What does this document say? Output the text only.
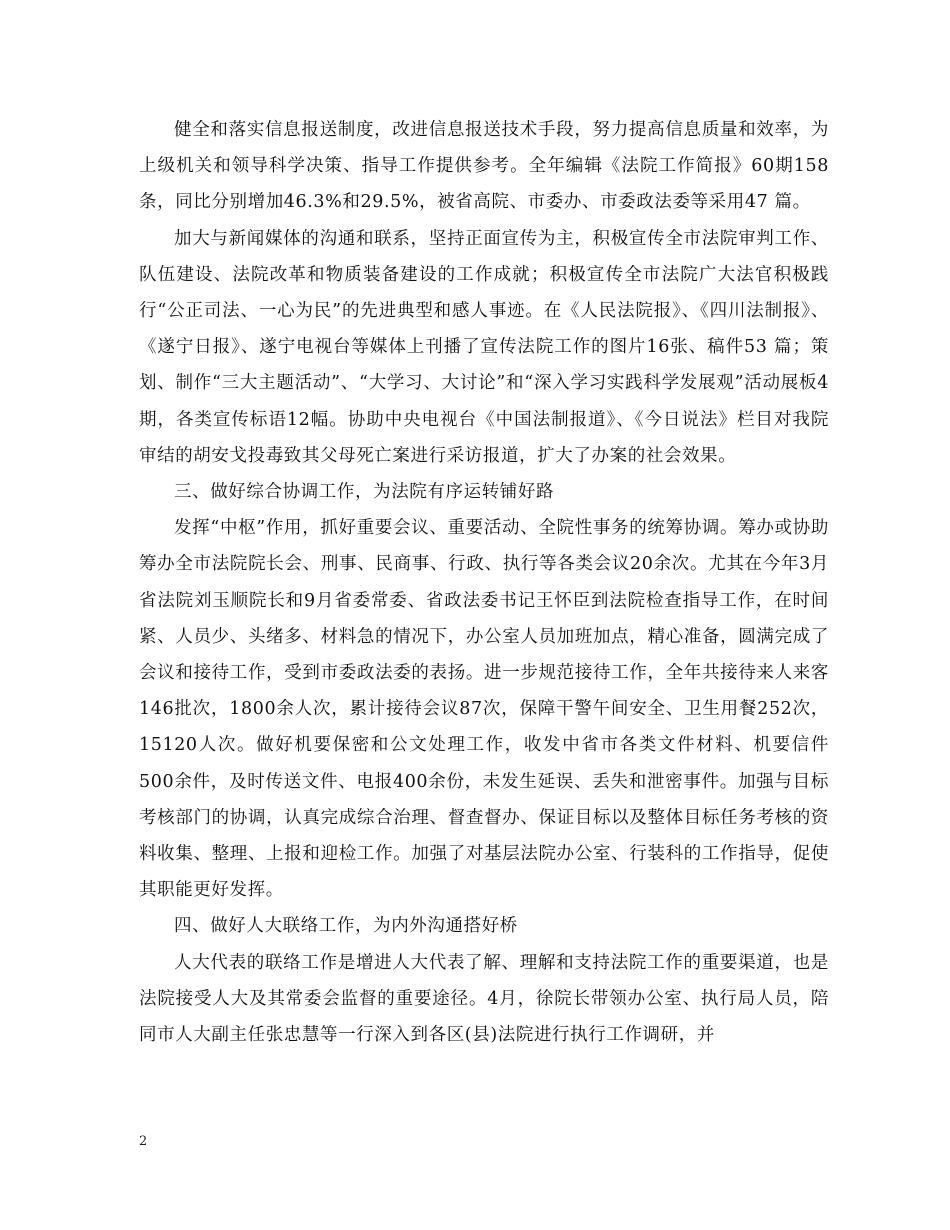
健全和落实信息报送制度，改进信息报送技术手段，努力提高信息质量和效率，为上级机关和领导科学决策、指导工作提供参考。全年编辑《法院工作简报》60期158条，同比分别增加46.3%和29.5%，被省高院、市委办、市委政法委等采用47 篇。

加大与新闻媒体的沟通和联系，坚持正面宣传为主，积极宣传全市法院审判工作、队伍建设、法院改革和物质装备建设的工作成就；积极宣传全市法院广大法官积极践行“公正司法、一心为民”的先进典型和感人事迹。在《人民法院报》、《四川法制报》、《遂宁日报》、遂宁电视台等媒体上刊播了宣传法院工作的图片16张、稿件53 篇；策划、制作“三大主题活动”、“大学习、大讨论”和“深入学习实践科学发展观”活动展板4期，各类宣传标语12幅。协助中央电视台《中国法制报道》、《今日说法》栏目对我院审结的胡安戈投毒致其父母死亡案进行采访报道，扩大了办案的社会效果。

三、做好综合协调工作，为法院有序运转铺好路

发挥“中枢”作用，抓好重要会议、重要活动、全院性事务的统筹协调。筹办或协助筹办全市法院院长会、刑事、民商事、行政、执行等各类会议20余次。尤其在今年3月省法院刘玉顺院长和9月省委常委、省政法委书记王怀臣到法院检查指导工作，在时间紧、人员少、头绪多、材料急的情况下，办公室人员加班加点，精心准备，圆满完成了会议和接待工作，受到市委政法委的表扬。进一步规范接待工作，全年共接待来人来客146批次，1800余人次，累计接待会议87次，保障干警午间安全、卫生用餐252次，15120人次。做好机要保密和公文处理工作，收发中省市各类文件材料、机要信件500余件，及时传送文件、电报400余份，未发生延误、丢失和泄密事件。加强与目标考核部门的协调，认真完成综合治理、督查督办、保证目标以及整体目标任务考核的资料收集、整理、上报和迎检工作。加强了对基层法院办公室、行装科的工作指导，促使其职能更好发挥。

四、做好人大联络工作，为内外沟通搭好桥

人大代表的联络工作是增进人大代表了解、理解和支持法院工作的重要渠道，也是法院接受人大及其常委会监督的重要途径。4月，徐院长带领办公室、执行局人员，陪同市人大副主任张忠慧等一行深入到各区(县)法院进行执行工作调研，并

2
